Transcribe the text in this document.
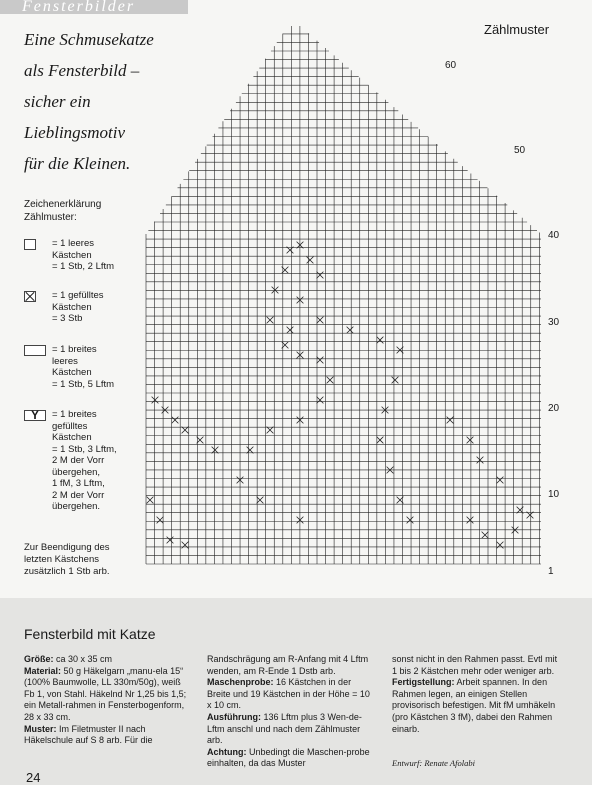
Fensterbilder
Eine Schmusekatze
als Fensterbild –
sicher ein
Lieblingsmotiv
für die Kleinen.
Zählmuster
Zeichenerklärung
Zählmuster:
= 1 leeres
Kästchen
= 1 Stb, 2 Lftm
= 1 gefülltes
Kästchen
= 3 Stb
= 1 breites
leeres
Kästchen
= 1 Stb, 5 Lftm
Y	= 1 breites
gefülltes
Kästchen
= 1 Stb, 3 Lftm,
2 M der Vorr
übergehen,
1 fM, 3 Lftm,
2 M der Vorr
übergehen.
Zur Beendigung des letzten Kästchens zusätzlich 1 Stb arb.
50
60
40
30
20
10
1
Fensterbild mit Katze

Größe: ca 30 x 35 cm

Material: 50 g Häkelgarn „manu-ela 15“ (100% Baumwolle, LL 330m/50g), weiß Fb 1, von Stahl. Häkelnd Nr 1,25 bis 1,5; ein Metall-rahmen in Fensterbogenform, 28 x 33 cm.

Muster: Im Filetmuster II nach Häkelschule auf S 8 arb. Für die

Randschrägung am R-Anfang mit 4 Lftm wenden, am R-Ende 1 Dstb arb.

Maschenprobe: 16 Kästchen in der Breite und 19 Kästchen in der Höhe = 10 x 10 cm.

Ausführung: 136 Lftm plus 3 Wen-de-Lftm anschl und nach dem Zählmuster arb.

Achtung: Unbedingt die Maschen-probe einhalten, da das Muster

sonst nicht in den Rahmen passt. Evtl mit 1 bis 2 Kästchen mehr oder weniger arb.

Fertigstellung: Arbeit spannen. In den Rahmen legen, an einigen Stellen provisorisch befestigen. Mit fM umhäkeln (pro Kästchen 3 fM), dabei den Rahmen einarb.

Entwurf: Renate Afolabi
24
